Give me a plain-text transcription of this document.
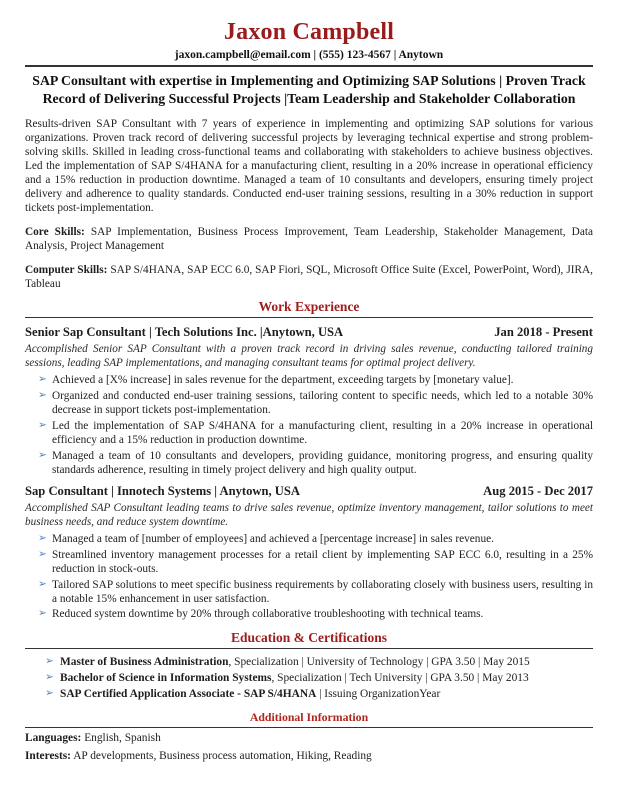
Jaxon Campbell
jaxon.campbell@email.com | (555) 123-4567 | Anytown
SAP Consultant with expertise in Implementing and Optimizing SAP Solutions | Proven Track Record of Delivering Successful Projects |Team Leadership and Stakeholder Collaboration
Results-driven SAP Consultant with 7 years of experience in implementing and optimizing SAP solutions for various organizations. Proven track record of delivering successful projects by leveraging technical expertise and strong problem-solving skills. Skilled in leading cross-functional teams and collaborating with stakeholders to achieve business objectives. Led the implementation of SAP S/4HANA for a manufacturing client, resulting in a 20% increase in operational efficiency and a 15% reduction in production downtime. Managed a team of 10 consultants and developers, ensuring timely project delivery and adherence to quality standards. Conducted end-user training sessions, resulting in a 30% reduction in support tickets post-implementation.
Core Skills: SAP Implementation, Business Process Improvement, Team Leadership, Stakeholder Management, Data Analysis, Project Management
Computer Skills: SAP S/4HANA, SAP ECC 6.0, SAP Fiori, SQL, Microsoft Office Suite (Excel, PowerPoint, Word), JIRA, Tableau
Work Experience
Senior Sap Consultant | Tech Solutions Inc. |Anytown, USA	Jan 2018 - Present
Accomplished Senior SAP Consultant with a proven track record in driving sales revenue, conducting tailored training sessions, leading SAP implementations, and managing consultant teams for optimal project delivery.
➢ Achieved a [X% increase] in sales revenue for the department, exceeding targets by [monetary value].
➢ Organized and conducted end-user training sessions, tailoring content to specific needs, which led to a notable 30% decrease in support tickets post-implementation.
➢ Led the implementation of SAP S/4HANA for a manufacturing client, resulting in a 20% increase in operational efficiency and a 15% reduction in production downtime.
➢ Managed a team of 10 consultants and developers, providing guidance, monitoring progress, and ensuring quality standards adherence, resulting in timely project delivery and high quality output.
Sap Consultant | Innotech Systems | Anytown, USA	Aug 2015 - Dec 2017
Accomplished SAP Consultant leading teams to drive sales revenue, optimize inventory management, tailor solutions to meet business needs, and reduce system downtime.
➢ Managed a team of [number of employees] and achieved a [percentage increase] in sales revenue.
➢ Streamlined inventory management processes for a retail client by implementing SAP ECC 6.0, resulting in a 25% reduction in stock-outs.
➢ Tailored SAP solutions to meet specific business requirements by collaborating closely with business users, resulting in a notable 15% enhancement in user satisfaction.
➢ Reduced system downtime by 20% through collaborative troubleshooting with technical teams.
Education & Certifications
➢ Master of Business Administration, Specialization | University of Technology | GPA 3.50 | May 2015
➢ Bachelor of Science in Information Systems, Specialization | Tech University | GPA 3.50 | May 2013
➢ SAP Certified Application Associate - SAP S/4HANA | Issuing OrganizationYear
Additional Information
Languages: English, Spanish
Interests: AP developments, Business process automation, Hiking, Reading
